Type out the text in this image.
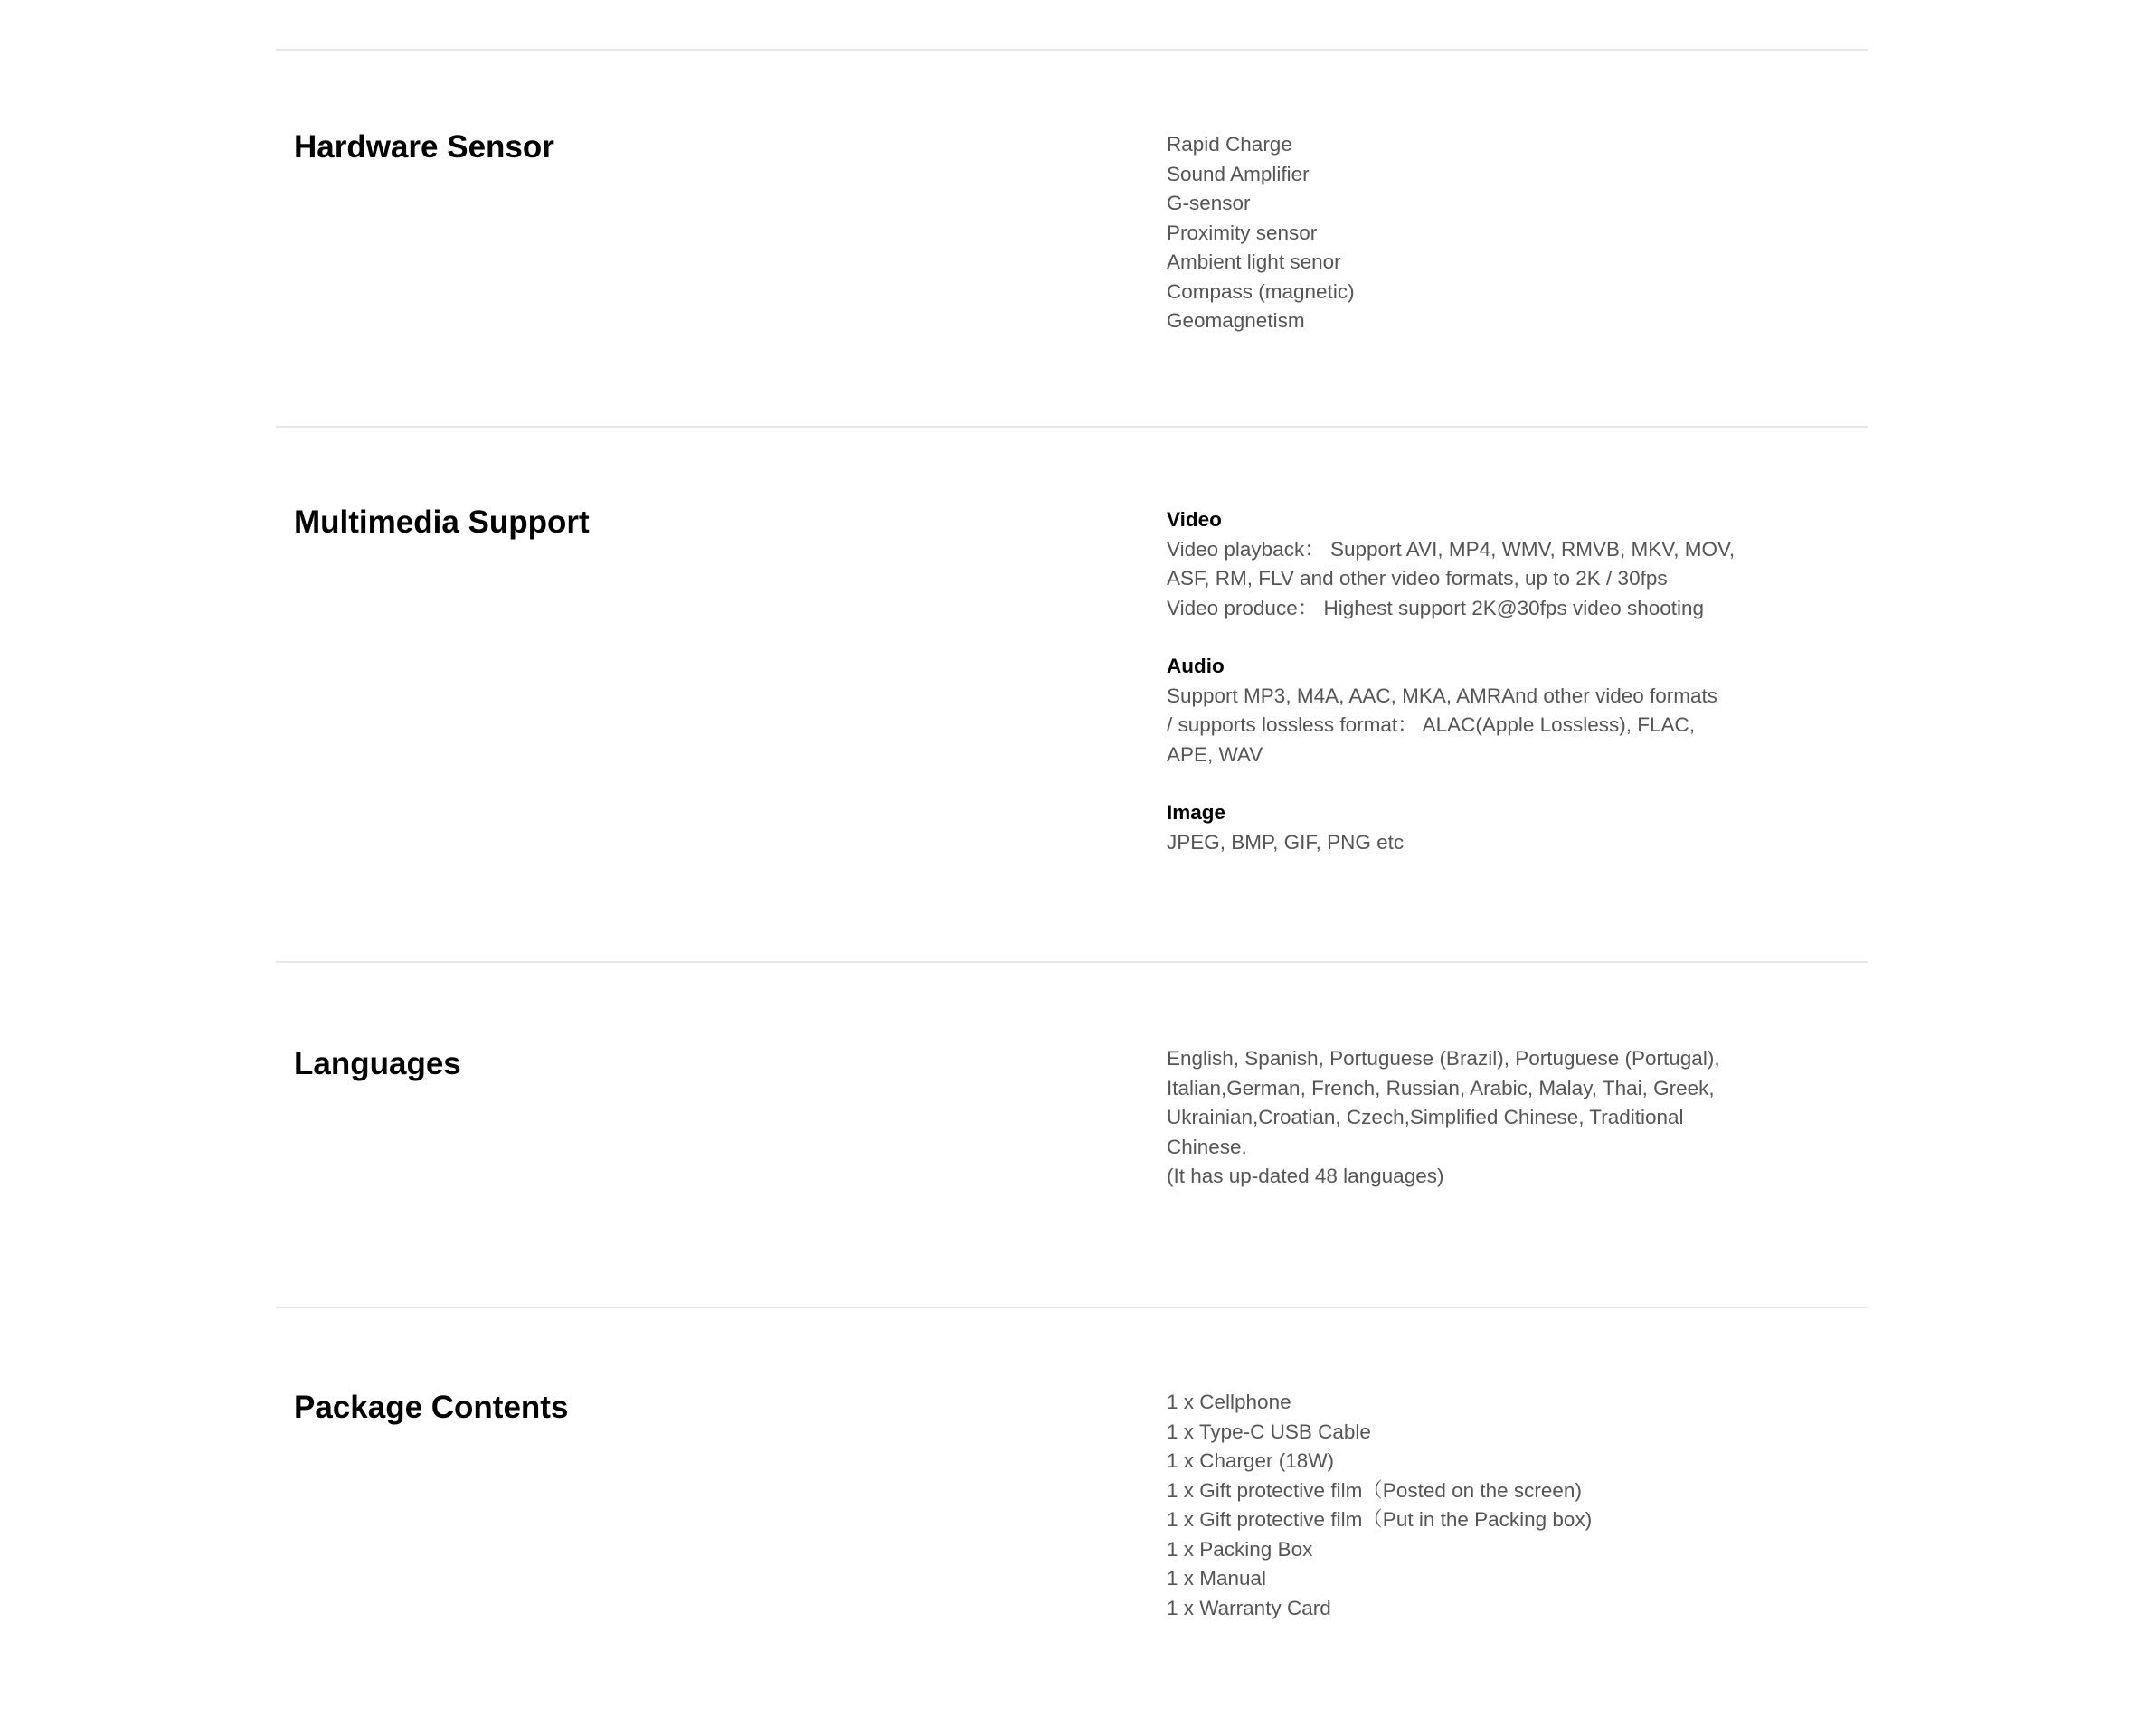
Hardware Sensor	Rapid Charge
Sound Amplifier
G-sensor
Proximity sensor
Ambient light senor
Compass (magnetic)
Geomagnetism
Multimedia Support	Video
Video playback： Support AVI, MP4, WMV, RMVB, MKV, MOV,
ASF, RM, FLV and other video formats, up to 2K / 30fps
Video produce： Highest support 2K@30fps video shooting
Audio
Support MP3, M4A, AAC, MKA, AMRAnd other video formats
/ supports lossless format： ALAC(Apple Lossless), FLAC,
APE, WAV
Image
JPEG, BMP, GIF, PNG etc
Languages	English, Spanish, Portuguese (Brazil), Portuguese (Portugal), Italian,German, French, Russian, Arabic, Malay, Thai, Greek, Ukrainian,Croatian, Czech,Simplified Chinese, Traditional Chinese.
(It has up-dated 48 languages)
Package Contents	1 x Cellphone
1 x Type-C USB Cable
1 x Charger (18W)
1 x Gift protective film（Posted on the screen)
1 x Gift protective film（Put in the Packing box)
1 x Packing Box
1 x Manual
1 x Warranty Card
